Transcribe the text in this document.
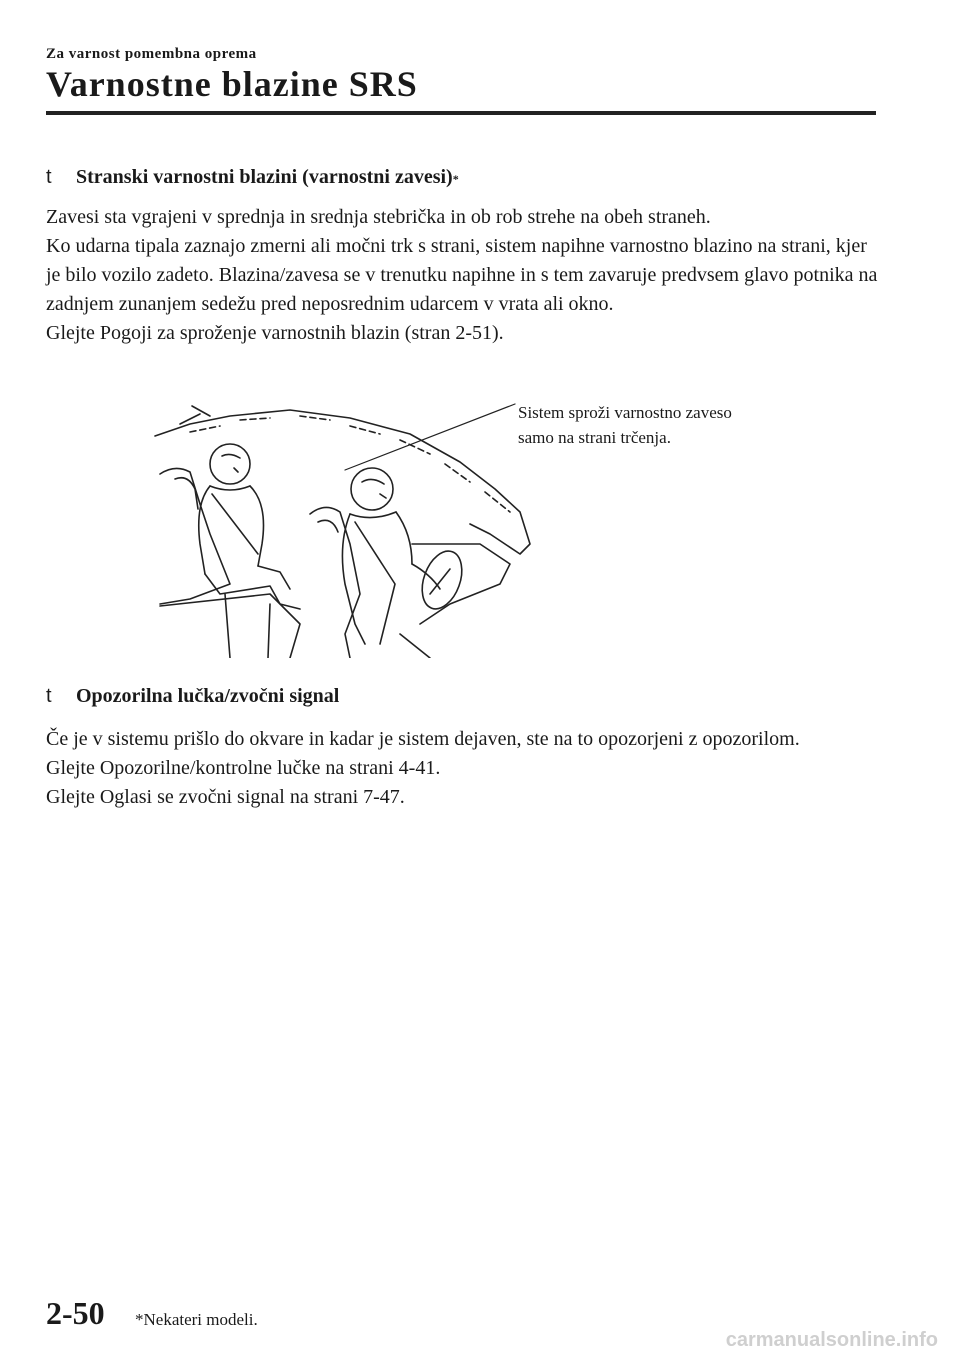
Za varnost pomembna oprema
Varnostne blazine SRS
t	Stranski varnostni blazini (varnostni zavesi) *

Zavesi sta vgrajeni v sprednja in srednja stebrička in ob rob strehe na obeh straneh.

Ko udarna tipala zaznajo zmerni ali močni trk s strani, sistem napihne varnostno blazino na strani, kjer je bilo vozilo zadeto. Blazina/zavesa se v trenutku napihne in s tem zavaruje predvsem glavo potnika na zadnjem zunanjem sedežu pred neposrednim udarcem v vrata ali okno.

Glejte Pogoji za sproženje varnostnih blazin (stran 2-51).

Sistem sproži varnostno zaveso
samo na strani trčenja.
t	Opozorilna lučka/zvočni signal

Če je v sistemu prišlo do okvare in kadar je sistem dejaven, ste na to opozorjeni z opozorilom.

Glejte Opozorilne/kontrolne lučke na strani 4-41.

Glejte Oglasi se zvočni signal na strani 7-47.

2-50 *Nekateri modeli.
carmanualsonline.info
